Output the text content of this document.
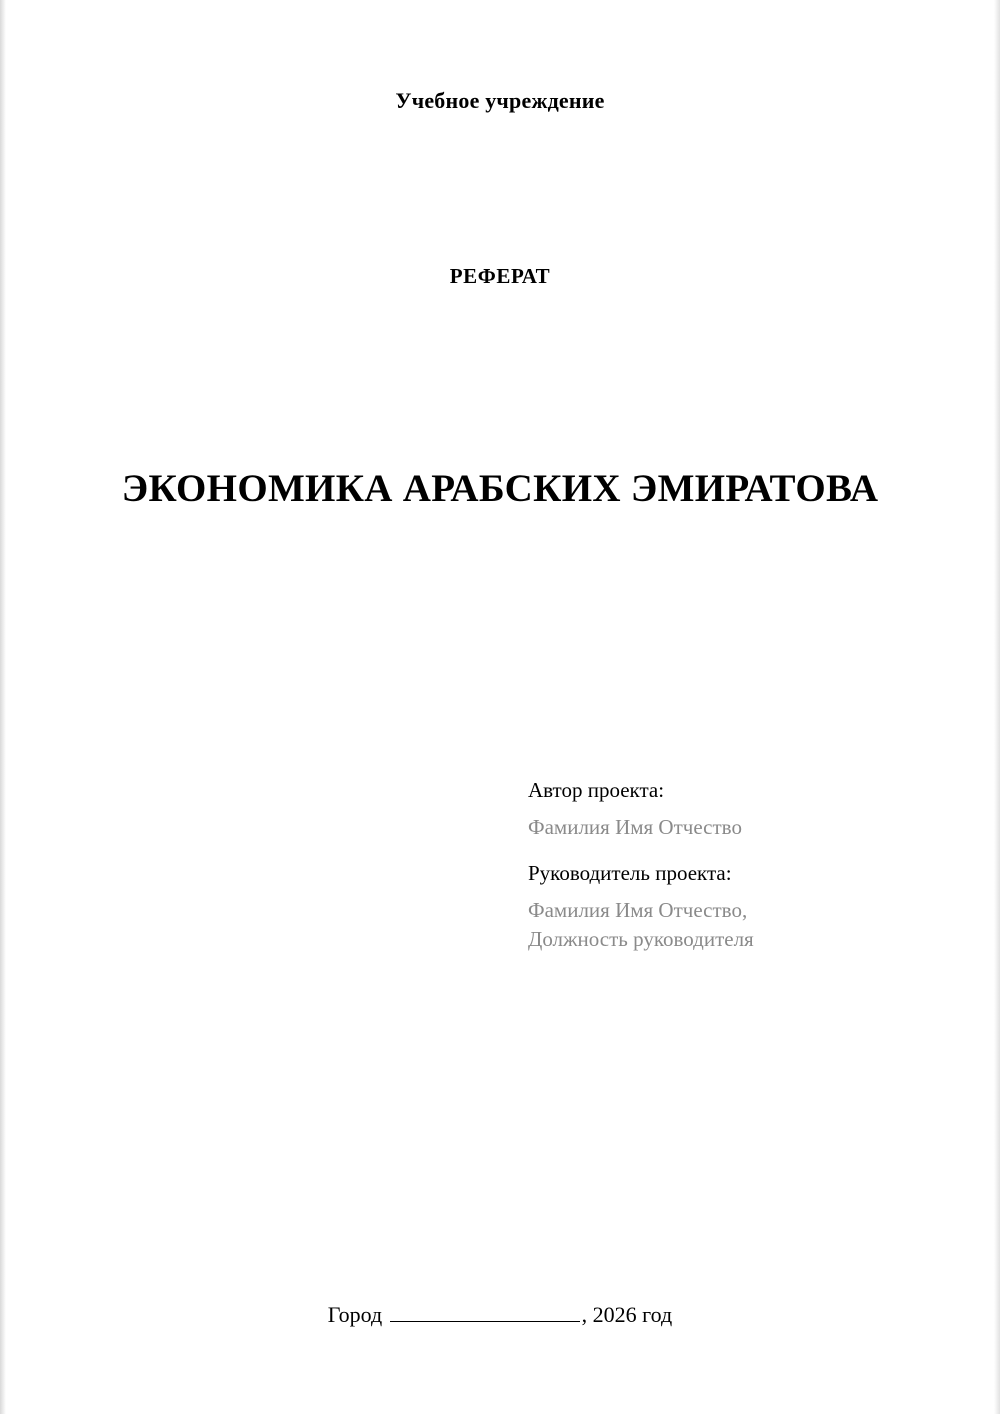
Учебное учреждение
РЕФЕРАТ
ЭКОНОМИКА АРАБСКИХ ЭМИРАТОВА
Автор проекта:
Фамилия Имя Отчество
Руководитель проекта:
Фамилия Имя Отчество,
Должность руководителя
Город	, 2026 год
